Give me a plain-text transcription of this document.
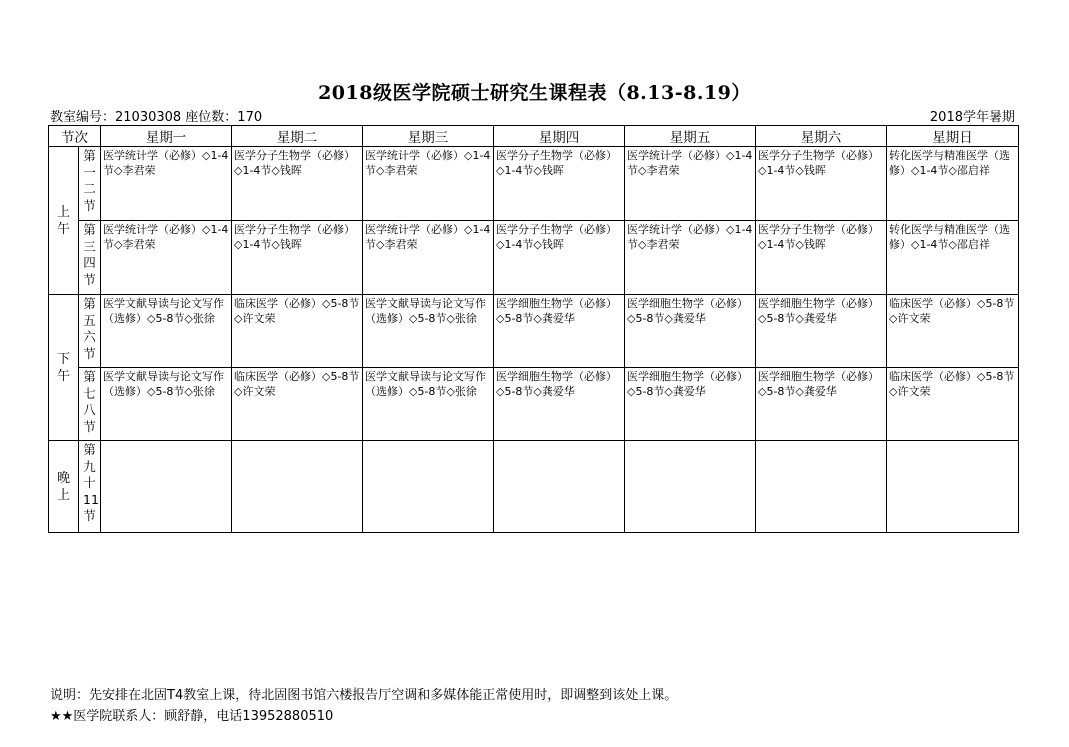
2018级医学院硕士研究生课程表（8.13-8.19）
教室编号：21030308 座位数：170	2018学年暑期
节次		星期一	星期二	星期三	星期四	星期五	星期六	星期日

上午	第一二节	医学统计学（必修）◇1-4节◇李君荣	医学分子生物学（必修）◇1-4节◇钱晖	医学统计学（必修）◇1-4节◇李君荣	医学分子生物学（必修）◇1-4节◇钱晖	医学统计学（必修）◇1-4节◇李君荣	医学分子生物学（必修）◇1-4节◇钱晖	转化医学与精准医学（选修）◇1-4节◇邵启祥

	第三四节	医学统计学（必修）◇1-4节◇李君荣	医学分子生物学（必修）◇1-4节◇钱晖	医学统计学（必修）◇1-4节◇李君荣	医学分子生物学（必修）◇1-4节◇钱晖	医学统计学（必修）◇1-4节◇李君荣	医学分子生物学（必修）◇1-4节◇钱晖	转化医学与精准医学（选修）◇1-4节◇邵启祥

下午	第五六节	医学文献导读与论文写作（选修）◇5-8节◇张徐	临床医学（必修）◇5-8节◇许文荣	医学文献导读与论文写作（选修）◇5-8节◇张徐	医学细胞生物学（必修）◇5-8节◇龚爱华	医学细胞生物学（必修）◇5-8节◇龚爱华	医学细胞生物学（必修）◇5-8节◇龚爱华	临床医学（必修）◇5-8节◇许文荣

	第七八节	医学文献导读与论文写作（选修）◇5-8节◇张徐	临床医学（必修）◇5-8节◇许文荣	医学文献导读与论文写作（选修）◇5-8节◇张徐	医学细胞生物学（必修）◇5-8节◇龚爱华	医学细胞生物学（必修）◇5-8节◇龚爱华	医学细胞生物学（必修）◇5-8节◇龚爱华	临床医学（必修）◇5-8节◇许文荣

晚上	第九十11节							

说明：先安排在北固T4教室上课，待北固图书馆六楼报告厅空调和多媒体能正常使用时，即调整到该处上课。
★★医学院联系人：顾舒静，电话13952880510
